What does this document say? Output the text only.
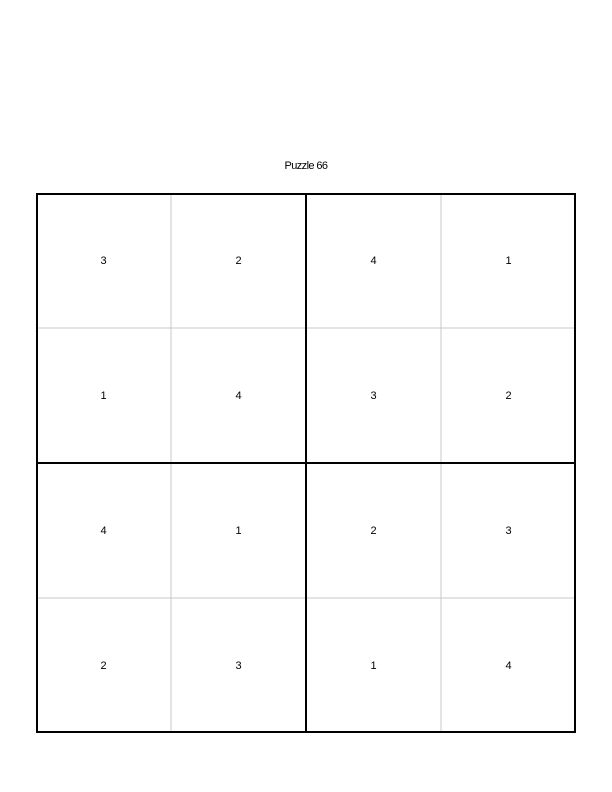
Puzzle 66
3	2	4	1
1	4	3	2
4	1	2	3
2	3	1	4
